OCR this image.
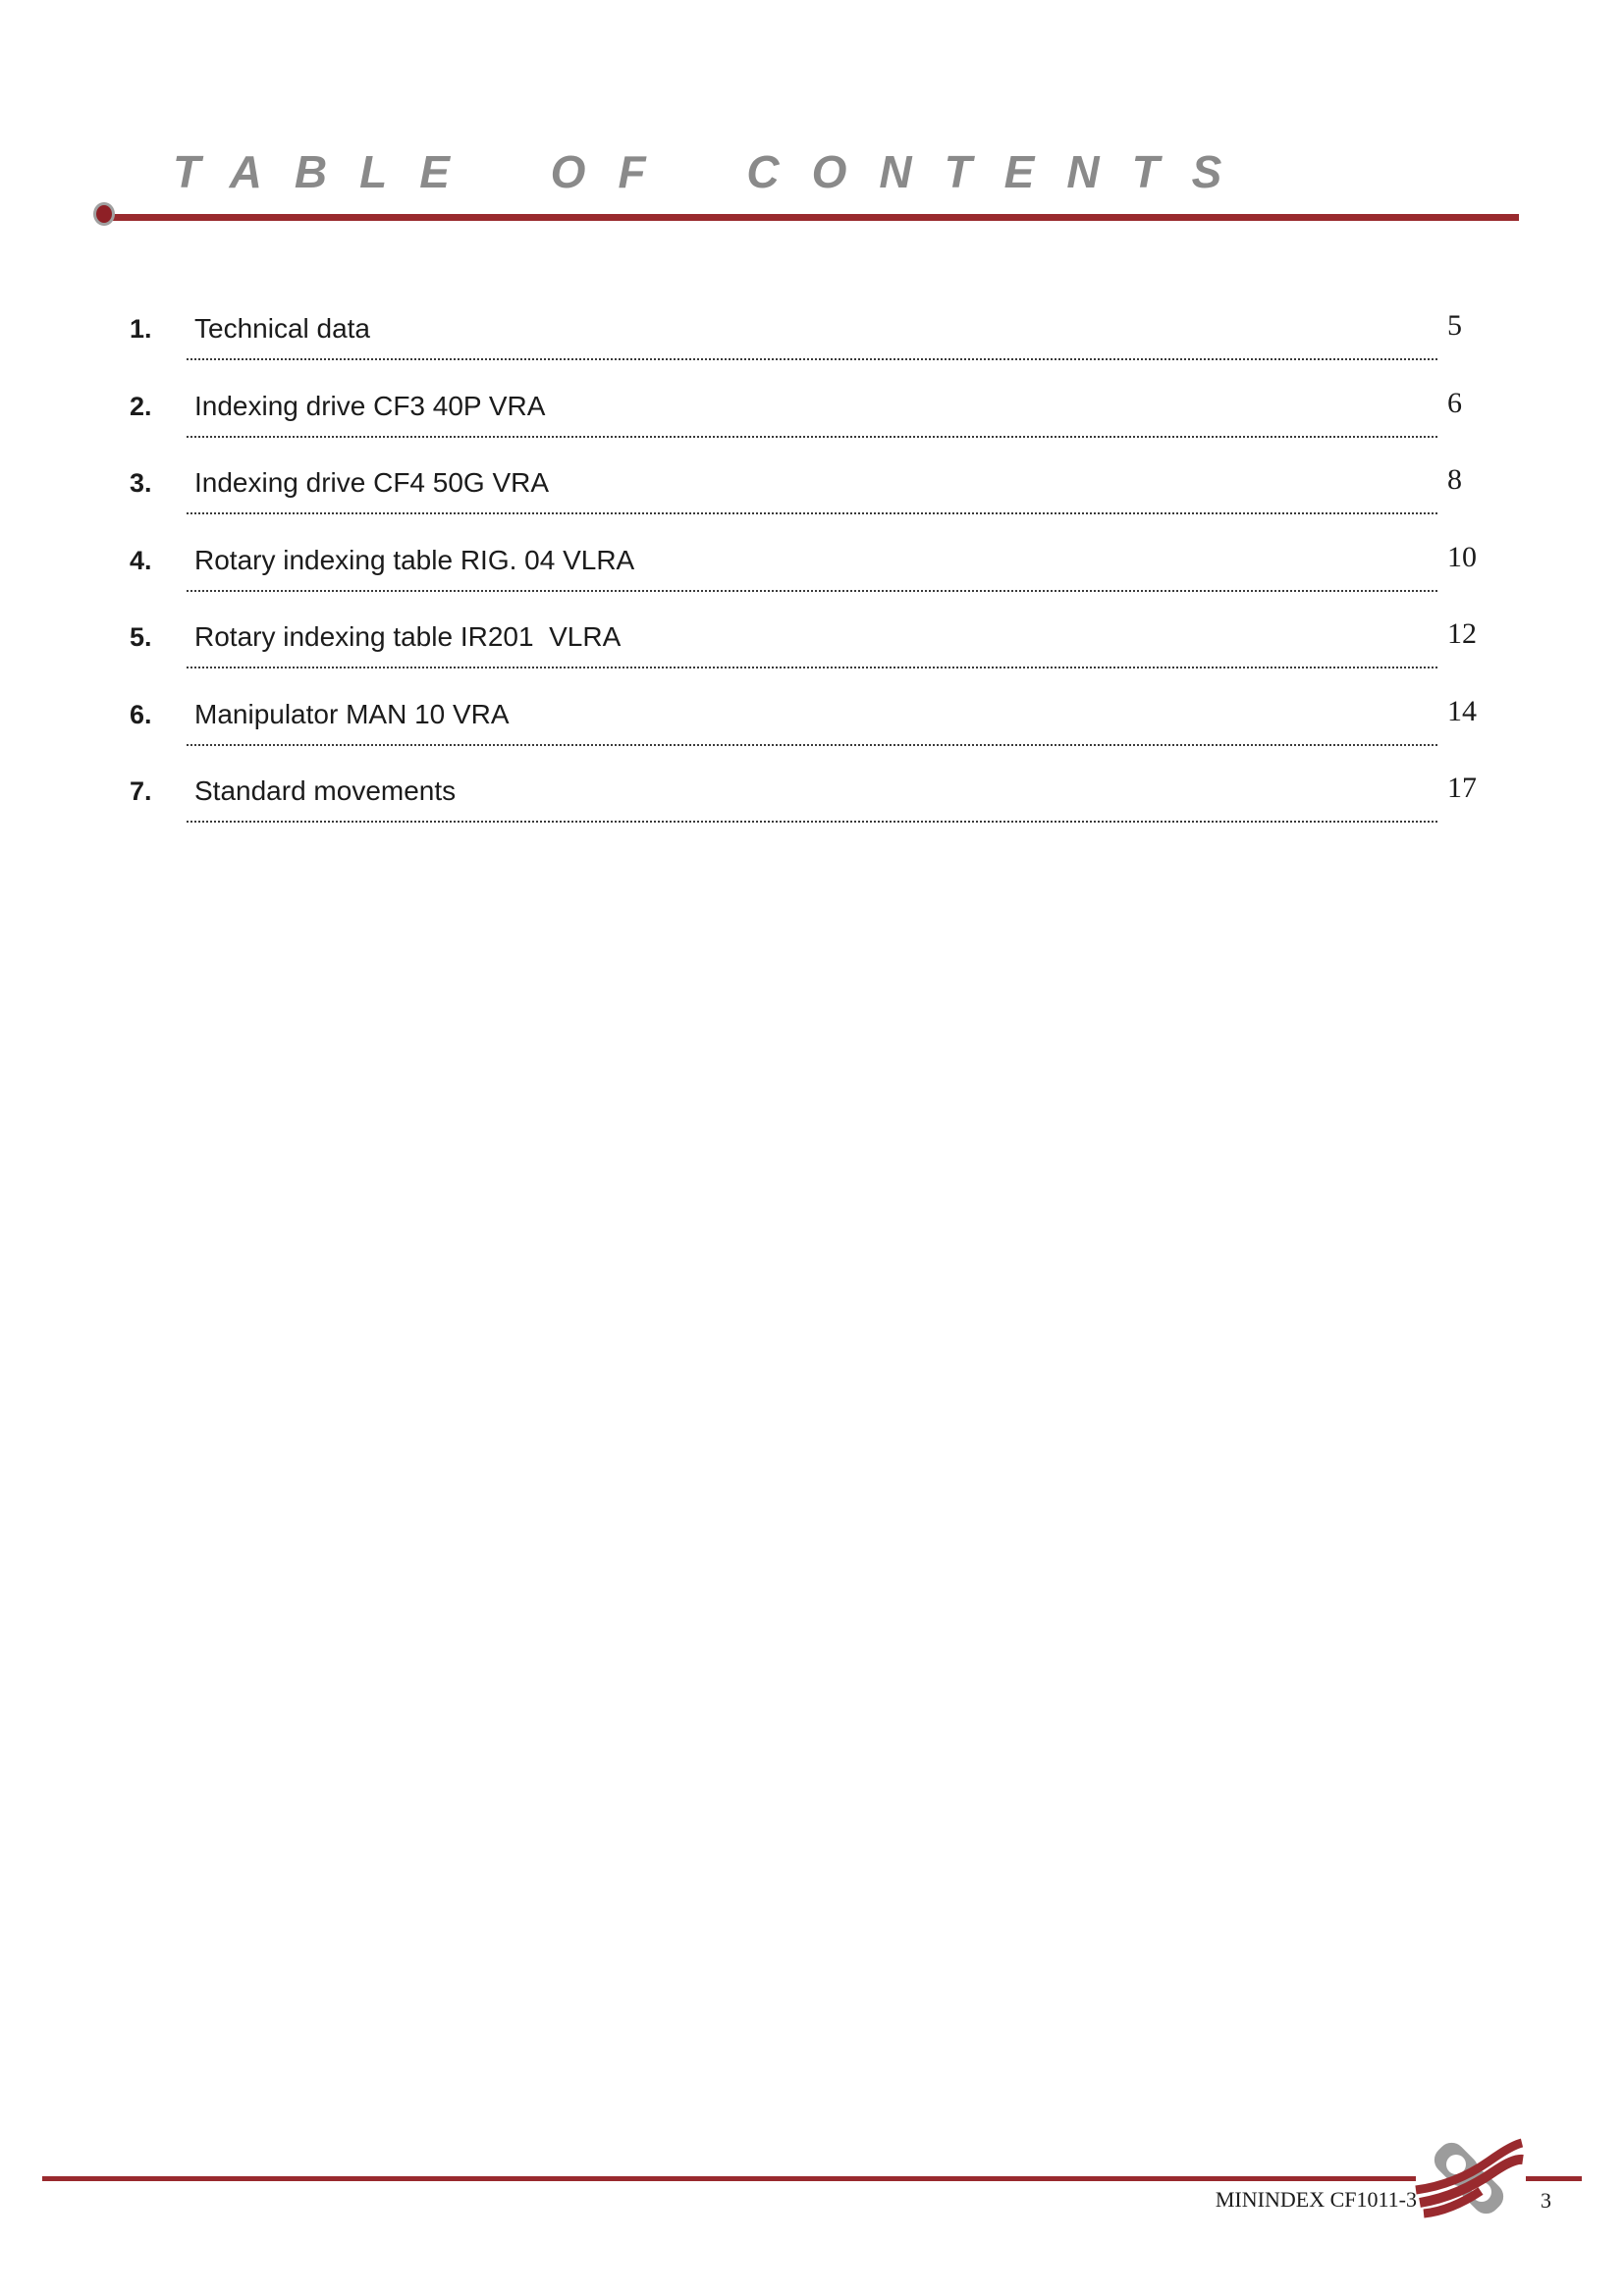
TABLE OF CONTENTS
1.	Technical data	5
2.	Indexing drive CF3 40P VRA	6
3.	Indexing drive CF4 50G VRA	8
4.	Rotary indexing table RIG. 04 VLRA	10
5.	Rotary indexing table IR201  VLRA	12
6.	Manipulator MAN 10 VRA	14
7.	Standard movements	17
MININDEX CF1011-3	3
